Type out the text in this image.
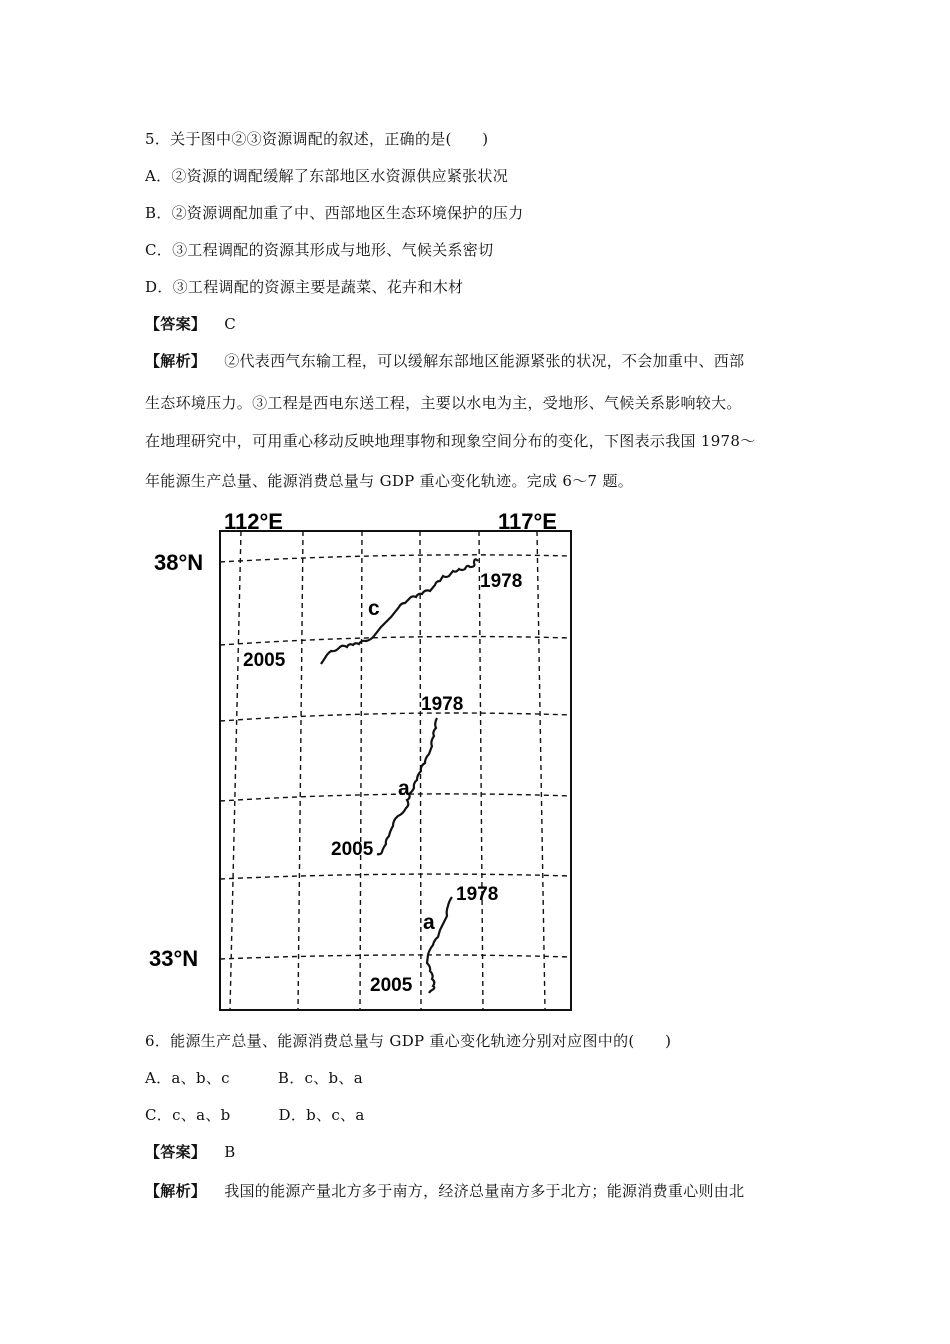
5．关于图中②③资源调配的叙述，正确的是(　　)
A．②资源的调配缓解了东部地区水资源供应紧张状况
B．②资源调配加重了中、西部地区生态环境保护的压力
C．③工程调配的资源其形成与地形、气候关系密切
D．③工程调配的资源主要是蔬菜、花卉和木材
【答案】 C
【解析】 ②代表西气东输工程，可以缓解东部地区能源紧张的状况，不会加重中、西部
生态环境压力。③工程是西电东送工程，主要以水电为主，受地形、气候关系影响较大。
在地理研究中，可用重心移动反映地理事物和现象空间分布的变化，下图表示我国 1978～
年能源生产总量、能源消费总量与 GDP 重心变化轨迹。完成 6～7 题。
112°E	117°E
38°N
33°N
1978
2005
c
1978
2005
a
1978
2005
a
6．能源生产总量、能源消费总量与 GDP 重心变化轨迹分别对应图中的(　　)
A．a、b、c	B．c、b、a
C．c、a、b	D．b、c、a
【答案】 B
【解析】 我国的能源产量北方多于南方，经济总量南方多于北方；能源消费重心则由北
